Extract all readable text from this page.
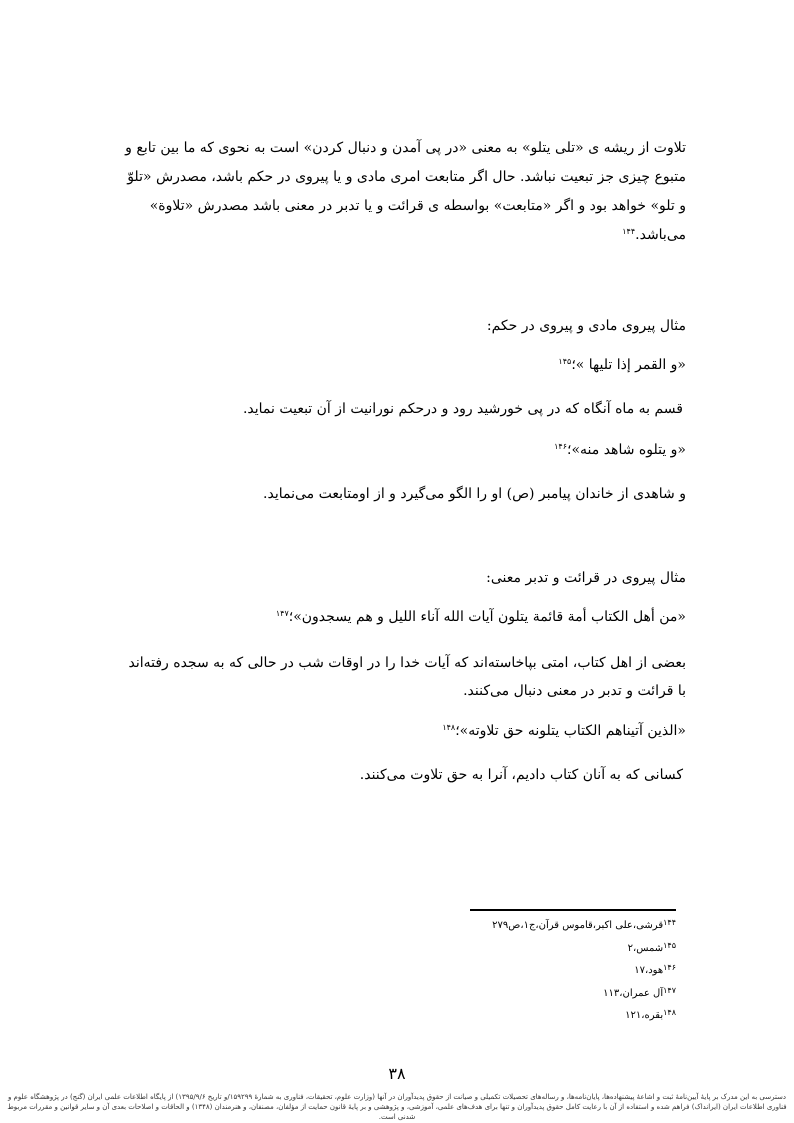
تلاوت از ریشه ی «تلی یتلو» به معنی «در پی آمدن و دنبال کردن» است به نحوی که ما بین تابع و
متبوع چیزی جز تبعیت نباشد. حال اگر متابعت امری مادی و یا پیروی در حکم باشد، مصدرش «تلوّ
و تلو» خواهد بود و اگر «متابعت» بواسطه ی قرائت و یا تدبر در معنی باشد مصدرش «تلاوة»
می‌باشد.$^{۱۴۴}$
مثال پیروی مادی و پیروی در حکم:
«و القمر إذا تلیها »؛$^{۱۴۵}$
قسم به ماه آنگاه که در پی خورشید رود و درحکم نورانیت از آن تبعیت نماید.
«و یتلوه شاهد منه»؛$^{۱۴۶}$
و شاهدی از خاندان پیامبر (ص) او را الگو می‌گیرد و از اومتابعت می‌نماید.
مثال پیروی در قرائت و تدبر معنی:
«من أهل الکتاب أمة قائمة یتلون آیات الله آناء اللیل و هم یسجدون»؛$^{۱۴۷}$
بعضی از اهل کتاب، امتی بپاخاسته‌اند که آیات خدا را در اوقات شب در حالی که به سجده رفته‌اند
با قرائت و تدبر در معنی دنبال می‌کنند.
«الذین آتیناهم الکتاب یتلونه حق تلاوته»؛$^{۱۴۸}$
کسانی که به آنان کتاب دادیم، آنرا به حق تلاوت می‌کنند.
$^{۱۴۴}$قرشی،علی اکبر،قاموس قرآن،ج۱،ص۲۷۹
$^{۱۴۵}$شمس،۲
$^{۱۴۶}$هود،۱۷
$^{۱۴۷}$آل عمران،۱۱۳
$^{۱۴۸}$بقره،۱۲۱
۳۸
دسترسی به این مدرک بر پایهٔ آیین‌نامهٔ ثبت و اشاعهٔ پیشنهاده‌ها، پایان‌نامه‌ها، و رساله‌های تحصیلات تکمیلی و صیانت از حقوق پدیدآوران در آنها (وزارت علوم، تحقیقات، فناوری به شمارهٔ ۱۵۹۲۹۹/و تاریخ ۱۳۹۵/۹/۶) از پایگاه اطلاعات علمی ایران (گنج) در پژوهشگاه علوم و فناوری اطلاعات ایران (ایرانداک) فراهم شده و استفاده از آن با رعایت کامل حقوق پدیدآوران و تنها برای هدف‌های علمی، آموزشی، و پژوهشی و بر پایهٔ قانون حمایت از مؤلفان، مصنفان، و هنرمندان (۱۳۴۸) و الحاقات و اصلاحات بعدی آن و سایر قوانین و مقررات مربوط شدنی است.
